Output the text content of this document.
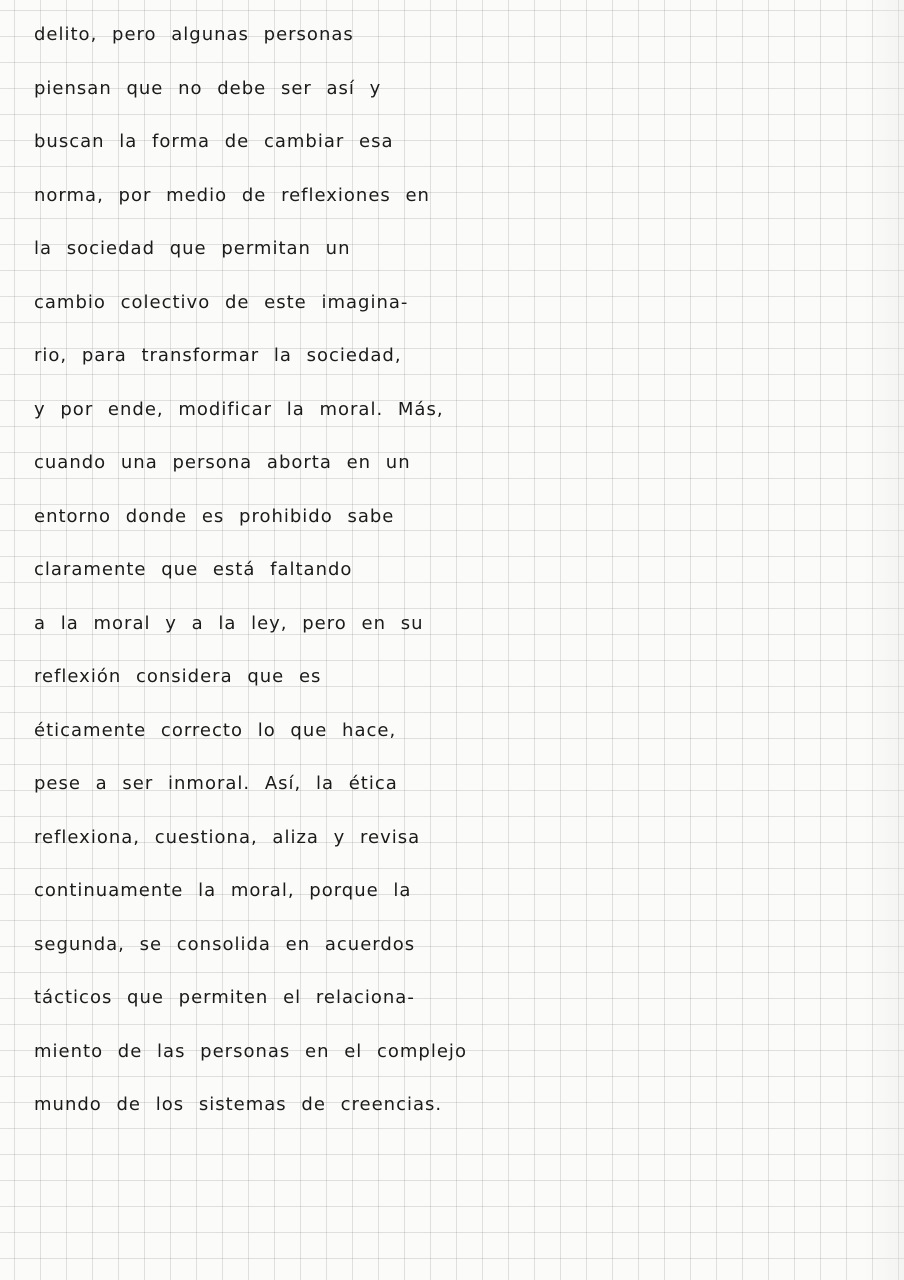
delito, pero algunas personas
piensan que no debe ser así y
buscan la forma de cambiar esa
norma, por medio de reflexiones en
la sociedad que permitan un
cambio colectivo de este imagina-
rio, para transformar la sociedad,
y por ende, modificar la moral. Más,
cuando una persona aborta en un
entorno donde es prohibido sabe
claramente que está faltando
a la moral y a la ley, pero en su
reflexión considera que es
éticamente correcto lo que hace,
pese a ser inmoral. Así, la ética
reflexiona, cuestiona, aliza y revisa
continuamente la moral, porque la
segunda, se consolida en acuerdos
tácticos que permiten el relaciona-
miento de las personas en el complejo
mundo de los sistemas de creencias.
